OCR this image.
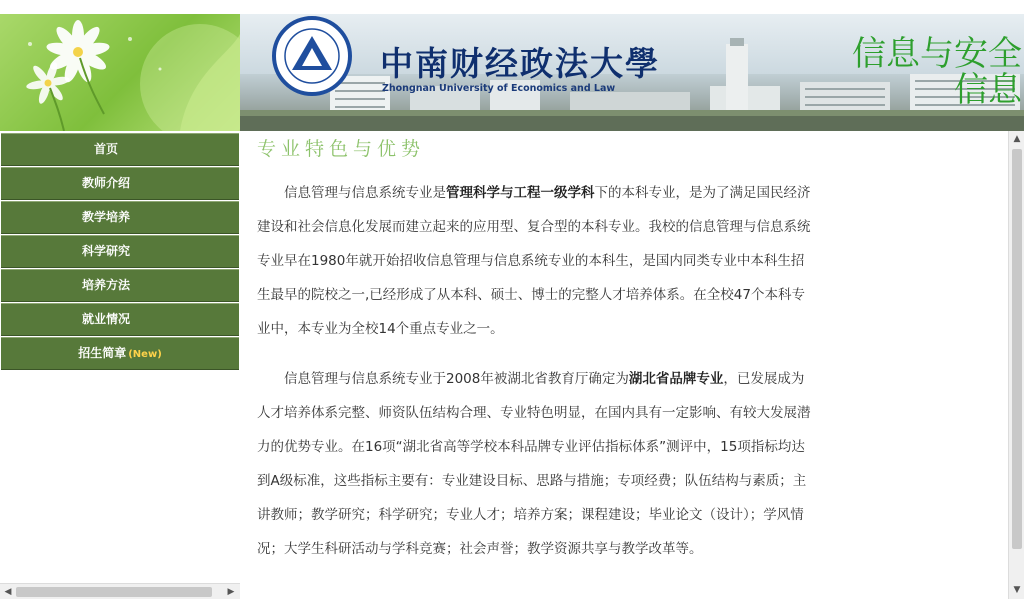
中南财经政法大學
Zhongnan University of Economics and Law
信息与安全
信息
首页
教师介绍
教学培养
科学研究
培养方法
就业情况
招生简章 (New)
◀	▶
专业特色与优势

信息管理与信息系统专业是管理科学与工程一级学科下的本科专业，是为了满足国民经济建设和社会信息化发展而建立起来的应用型、复合型的本科专业。我校的信息管理与信息系统专业早在1980年就开始招收信息管理与信息系统专业的本科生，是国内同类专业中本科生招生最早的院校之一,已经形成了从本科、硕士、博士的完整人才培养体系。在全校47个本科专业中，本专业为全校14个重点专业之一。

信息管理与信息系统专业于2008年被湖北省教育厅确定为湖北省品牌专业，已发展成为人才培养体系完整、师资队伍结构合理、专业特色明显，在国内具有一定影响、有较大发展潜力的优势专业。在16项“湖北省高等学校本科品牌专业评估指标体系”测评中，15项指标均达到A级标准，这些指标主要有：专业建设目标、思路与措施；专项经费；队伍结构与素质；主讲教师；教学研究；科学研究；专业人才；培养方案；课程建设；毕业论文（设计）；学风情况；大学生科研活动与学科竞赛；社会声誉；教学资源共享与教学改革等。

▲
▼
